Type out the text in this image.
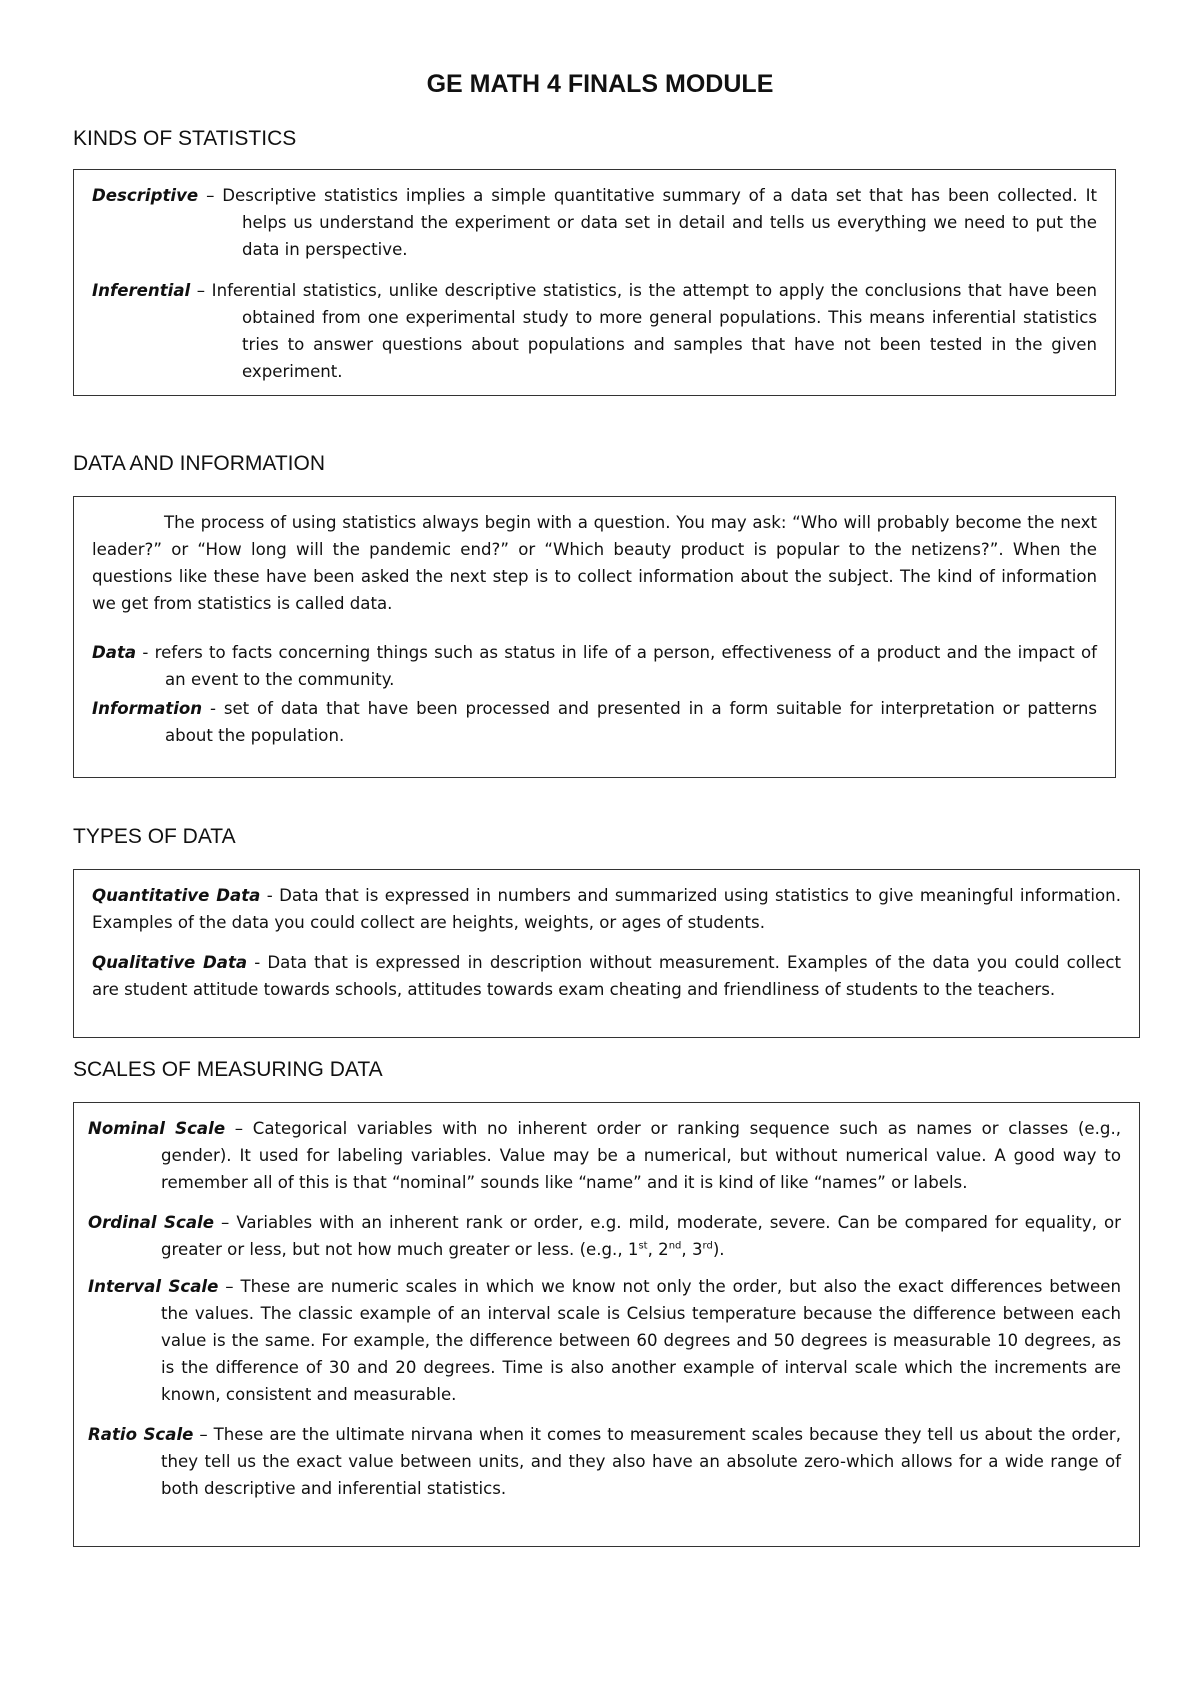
GE MATH 4 FINALS MODULE
KINDS OF STATISTICS

Descriptive – Descriptive statistics implies a simple quantitative summary of a data set that has been collected. It helps us understand the experiment or data set in detail and tells us everything we need to put the data in perspective.

Inferential – Inferential statistics, unlike descriptive statistics, is the attempt to apply the conclusions that have been obtained from one experimental study to more general populations. This means inferential statistics tries to answer questions about populations and samples that have not been tested in the given experiment.

DATA AND INFORMATION

The process of using statistics always begin with a question. You may ask: “Who will probably become the next leader?” or “How long will the pandemic end?” or “Which beauty product is popular to the netizens?”. When the questions like these have been asked the next step is to collect information about the subject. The kind of information we get from statistics is called data.

Data - refers to facts concerning things such as status in life of a person, effectiveness of a product and the impact of an event to the community.

Information - set of data that have been processed and presented in a form suitable for interpretation or patterns about the population.

TYPES OF DATA

Quantitative Data - Data that is expressed in numbers and summarized using statistics to give meaningful information. Examples of the data you could collect are heights, weights, or ages of students.

Qualitative Data - Data that is expressed in description without measurement. Examples of the data you could collect are student attitude towards schools, attitudes towards exam cheating and friendliness of students to the teachers.

SCALES OF MEASURING DATA

Nominal Scale – Categorical variables with no inherent order or ranking sequence such as names or classes (e.g., gender). It used for labeling variables. Value may be a numerical, but without numerical value. A good way to remember all of this is that “nominal” sounds like “name” and it is kind of like “names” or labels.

Ordinal Scale – Variables with an inherent rank or order, e.g. mild, moderate, severe. Can be compared for equality, or greater or less, but not how much greater or less. (e.g., 1st, 2nd, 3rd).

Interval Scale – These are numeric scales in which we know not only the order, but also the exact differences between the values. The classic example of an interval scale is Celsius temperature because the difference between each value is the same. For example, the difference between 60 degrees and 50 degrees is measurable 10 degrees, as is the difference of 30 and 20 degrees. Time is also another example of interval scale which the increments are known, consistent and measurable.

Ratio Scale – These are the ultimate nirvana when it comes to measurement scales because they tell us about the order, they tell us the exact value between units, and they also have an absolute zero-which allows for a wide range of both descriptive and inferential statistics.
